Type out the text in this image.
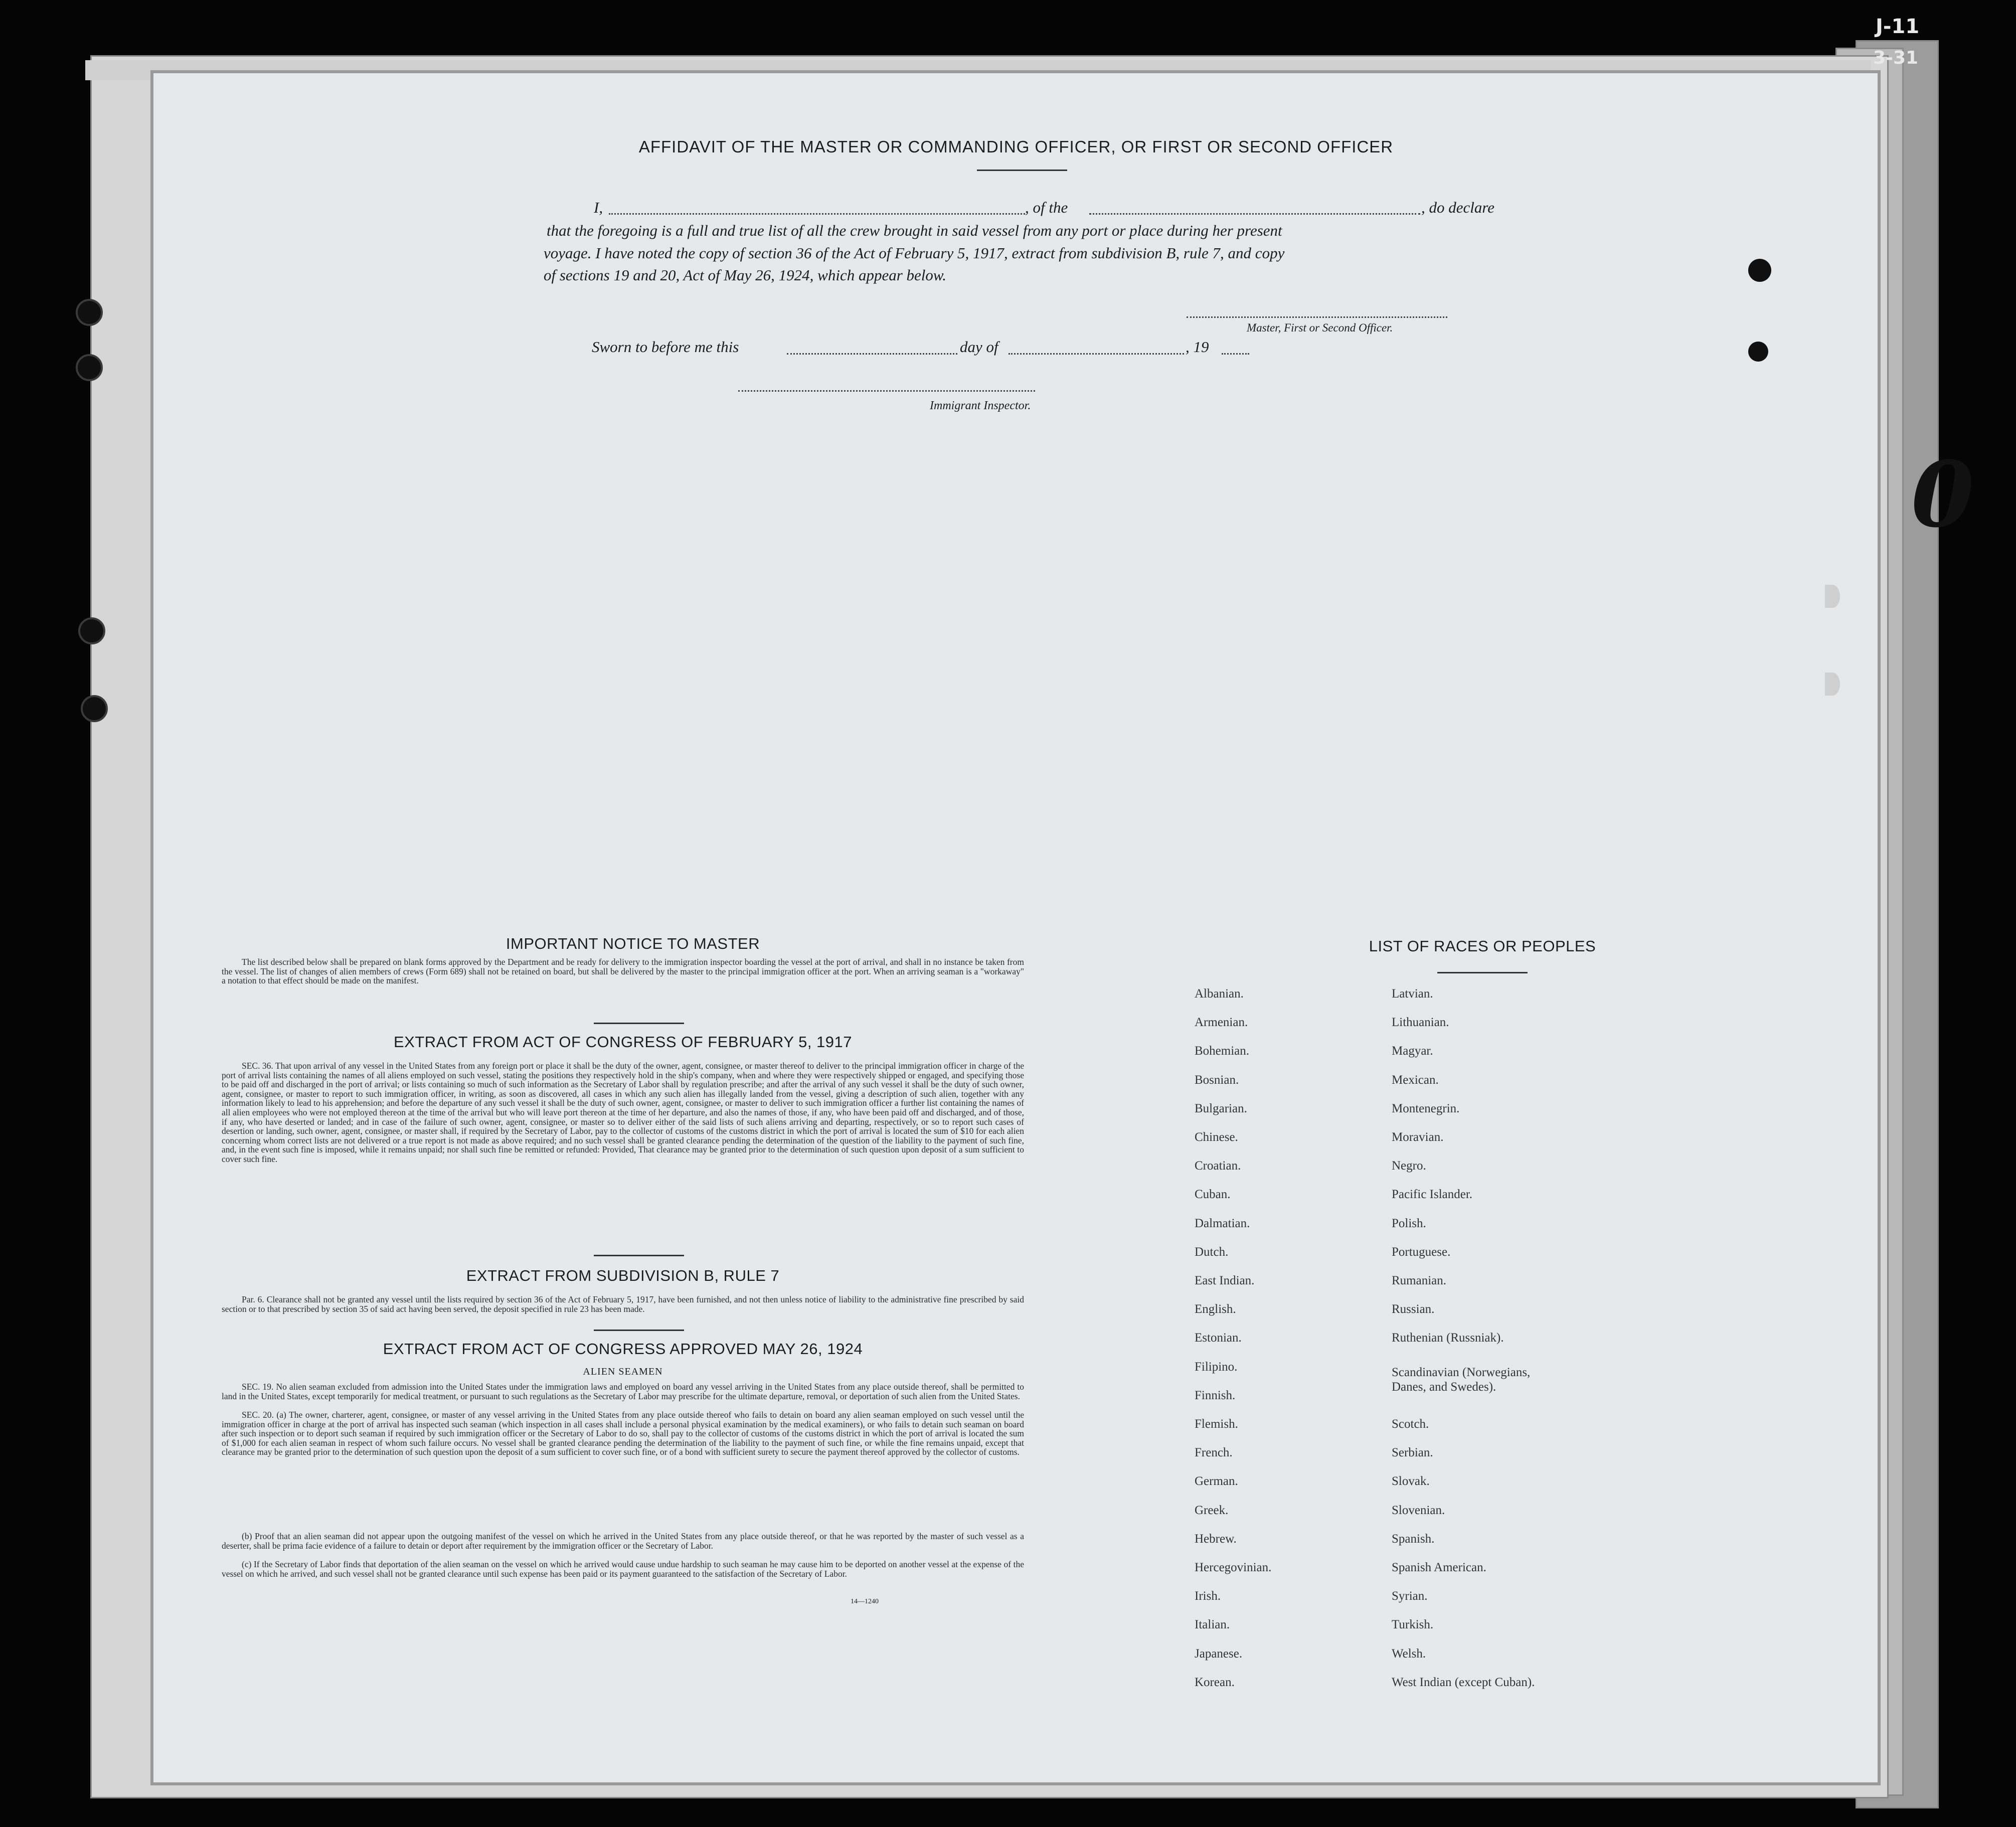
J-11
3-31
0
AFFIDAVIT OF THE MASTER OR COMMANDING OFFICER, OR FIRST OR SECOND OFFICER
I,	, of the	, do declare
that the foregoing is a full and true list of all the crew brought in said vessel from any port or place during her present
voyage. I have noted the copy of section 36 of the Act of February 5, 1917, extract from subdivision B, rule 7, and copy
of sections 19 and 20, Act of May 26, 1924, which appear below.
Master, First or Second Officer.
Sworn to before me this	day of	, 19
Immigrant Inspector.
IMPORTANT NOTICE TO MASTER
The list described below shall be prepared on blank forms approved by the Department and be ready for delivery to the immigration inspector boarding the vessel at the port of arrival, and shall in no instance be taken from the vessel. The list of changes of alien members of crews (Form 689) shall not be retained on board, but shall be delivered by the master to the principal immigration officer at the port. When an arriving seaman is a "workaway" a notation to that effect should be made on the manifest.
EXTRACT FROM ACT OF CONGRESS OF FEBRUARY 5, 1917
SEC. 36. That upon arrival of any vessel in the United States from any foreign port or place it shall be the duty of the owner, agent, consignee, or master thereof to deliver to the principal immigration officer in charge of the port of arrival lists containing the names of all aliens employed on such vessel, stating the positions they respectively hold in the ship's company, when and where they were respectively shipped or engaged, and specifying those to be paid off and discharged in the port of arrival; or lists containing so much of such information as the Secretary of Labor shall by regulation prescribe; and after the arrival of any such vessel it shall be the duty of such owner, agent, consignee, or master to report to such immigration officer, in writing, as soon as discovered, all cases in which any such alien has illegally landed from the vessel, giving a description of such alien, together with any information likely to lead to his apprehension; and before the departure of any such vessel it shall be the duty of such owner, agent, consignee, or master to deliver to such immigration officer a further list containing the names of all alien employees who were not employed thereon at the time of the arrival but who will leave port thereon at the time of her departure, and also the names of those, if any, who have been paid off and discharged, and of those, if any, who have deserted or landed; and in case of the failure of such owner, agent, consignee, or master so to deliver either of the said lists of such aliens arriving and departing, respectively, or so to report such cases of desertion or landing, such owner, agent, consignee, or master shall, if required by the Secretary of Labor, pay to the collector of customs of the customs district in which the port of arrival is located the sum of $10 for each alien concerning whom correct lists are not delivered or a true report is not made as above required; and no such vessel shall be granted clearance pending the determination of the question of the liability to the payment of such fine, and, in the event such fine is imposed, while it remains unpaid; nor shall such fine be remitted or refunded: Provided, That clearance may be granted prior to the determination of such question upon deposit of a sum sufficient to cover such fine.
EXTRACT FROM SUBDIVISION B, RULE 7
Par. 6. Clearance shall not be granted any vessel until the lists required by section 36 of the Act of February 5, 1917, have been furnished, and not then unless notice of liability to the administrative fine prescribed by said section or to that prescribed by section 35 of said act having been served, the deposit specified in rule 23 has been made.
EXTRACT FROM ACT OF CONGRESS APPROVED MAY 26, 1924
ALIEN SEAMEN
SEC. 19. No alien seaman excluded from admission into the United States under the immigration laws and employed on board any vessel arriving in the United States from any place outside thereof, shall be permitted to land in the United States, except temporarily for medical treatment, or pursuant to such regulations as the Secretary of Labor may prescribe for the ultimate departure, removal, or deportation of such alien from the United States.
SEC. 20. (a) The owner, charterer, agent, consignee, or master of any vessel arriving in the United States from any place outside thereof who fails to detain on board any alien seaman employed on such vessel until the immigration officer in charge at the port of arrival has inspected such seaman (which inspection in all cases shall include a personal physical examination by the medical examiners), or who fails to detain such seaman on board after such inspection or to deport such seaman if required by such immigration officer or the Secretary of Labor to do so, shall pay to the collector of customs of the customs district in which the port of arrival is located the sum of $1,000 for each alien seaman in respect of whom such failure occurs. No vessel shall be granted clearance pending the determination of the liability to the payment of such fine, or while the fine remains unpaid, except that clearance may be granted prior to the determination of such question upon the deposit of a sum sufficient to cover such fine, or of a bond with sufficient surety to secure the payment thereof approved by the collector of customs.
(b) Proof that an alien seaman did not appear upon the outgoing manifest of the vessel on which he arrived in the United States from any place outside thereof, or that he was reported by the master of such vessel as a deserter, shall be prima facie evidence of a failure to detain or deport after requirement by the immigration officer or the Secretary of Labor.
(c) If the Secretary of Labor finds that deportation of the alien seaman on the vessel on which he arrived would cause undue hardship to such seaman he may cause him to be deported on another vessel at the expense of the vessel on which he arrived, and such vessel shall not be granted clearance until such expense has been paid or its payment guaranteed to the satisfaction of the Secretary of Labor.
14—1240
LIST OF RACES OR PEOPLES
Albanian.
Armenian.
Bohemian.
Bosnian.
Bulgarian.
Chinese.
Croatian.
Cuban.
Dalmatian.
Dutch.
East Indian.
English.
Estonian.
Filipino.
Finnish.
Flemish.
French.
German.
Greek.
Hebrew.
Hercegovinian.
Irish.
Italian.
Japanese.
Korean.
Latvian.
Lithuanian.
Magyar.
Mexican.
Montenegrin.
Moravian.
Negro.
Pacific Islander.
Polish.
Portuguese.
Rumanian.
Russian.
Ruthenian (Russniak).
Scandinavian (Norwegians,
Danes, and Swedes).
Scotch.
Serbian.
Slovak.
Slovenian.
Spanish.
Spanish American.
Syrian.
Turkish.
Welsh.
West Indian (except Cuban).
